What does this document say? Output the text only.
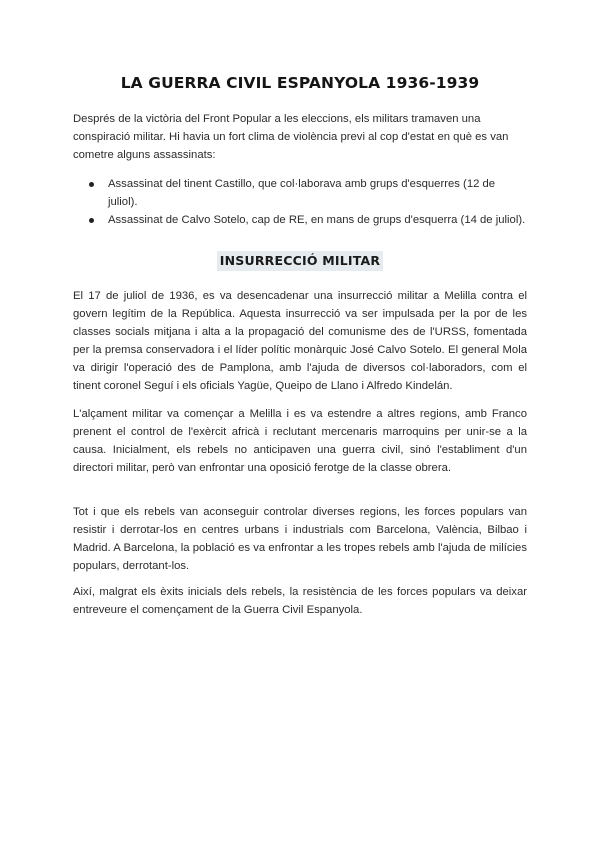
LA GUERRA CIVIL ESPANYOLA 1936-1939

Després de la victòria del Front Popular a les eleccions, els militars tramaven una conspiració militar. Hi havia un fort clima de violència previ al cop d'estat en què es van cometre alguns assassinats:

Assassinat del tinent Castillo, que col·laborava amb grups d'esquerres (12 de juliol).
Assassinat de Calvo Sotelo, cap de RE, en mans de grups d'esquerra (14 de juliol).
INSURRECCIÓ MILITAR

El 17 de juliol de 1936, es va desencadenar una insurrecció militar a Melilla contra el govern legítim de la República. Aquesta insurrecció va ser impulsada per la por de les classes socials mitjana i alta a la propagació del comunisme des de l'URSS, fomentada per la premsa conservadora i el líder polític monàrquic José Calvo Sotelo. El general Mola va dirigir l'operació des de Pamplona, amb l'ajuda de diversos col·laboradors, com el tinent coronel Seguí i els oficials Yagüe, Queipo de Llano i Alfredo Kindelán.

L'alçament militar va començar a Melilla i es va estendre a altres regions, amb Franco prenent el control de l'exèrcit africà i reclutant mercenaris marroquins per unir-se a la causa. Inicialment, els rebels no anticipaven una guerra civil, sinó l'establiment d'un directori militar, però van enfrontar una oposició ferotge de la classe obrera.

Tot i que els rebels van aconseguir controlar diverses regions, les forces populars van resistir i derrotar-los en centres urbans i industrials com Barcelona, València, Bilbao i Madrid. A Barcelona, la població es va enfrontar a les tropes rebels amb l'ajuda de milícies populars, derrotant-los.

Així, malgrat els èxits inicials dels rebels, la resistència de les forces populars va deixar entreveure el començament de la Guerra Civil Espanyola.
